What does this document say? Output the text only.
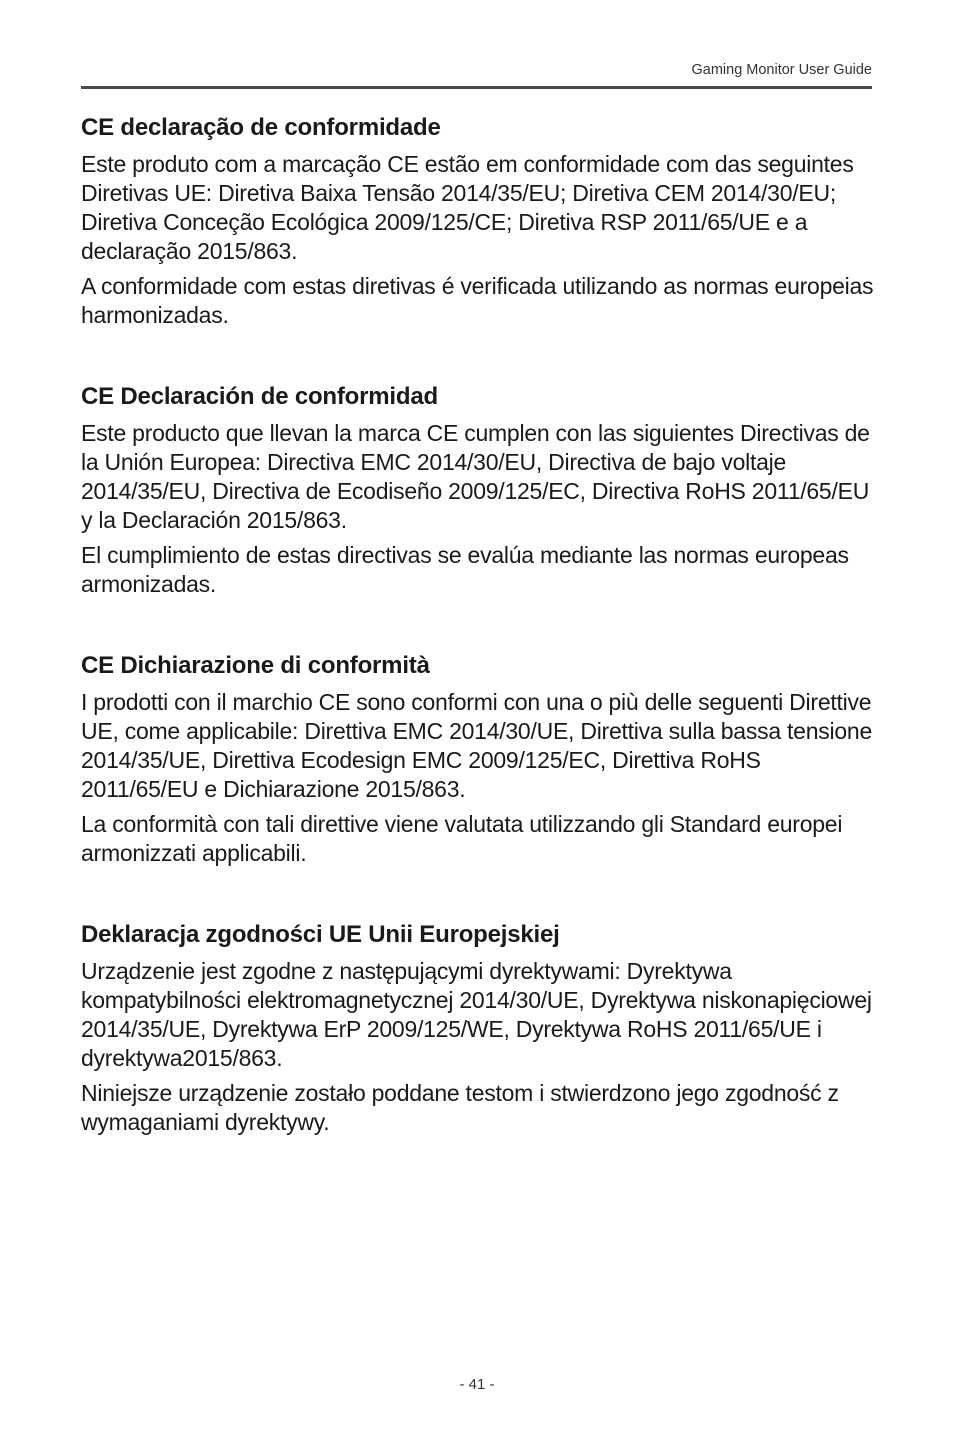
Gaming Monitor User Guide
CE declaração de conformidade

Este produto com a marcação CE estão em conformidade com das seguintes Diretivas UE: Diretiva Baixa Tensão 2014/35/EU; Diretiva CEM 2014/30/EU; Diretiva Conceção Ecológica 2009/125/CE; Diretiva RSP 2011/65/UE e a declaração 2015/863.

A conformidade com estas diretivas é verificada utilizando as normas europeias harmonizadas.

CE Declaración de conformidad

Este producto que llevan la marca CE cumplen con las siguientes Directivas de la Unión Europea: Directiva EMC 2014/30/EU, Directiva de bajo voltaje 2014/35/EU, Directiva de Ecodiseño 2009/125/EC, Directiva RoHS 2011/65/EU y la Declaración 2015/863.

El cumplimiento de estas directivas se evalúa mediante las normas europeas armonizadas.

CE Dichiarazione di conformità

I prodotti con il marchio CE sono conformi con una o più delle seguenti Direttive UE, come applicabile: Direttiva EMC 2014/30/UE, Direttiva sulla bassa tensione 2014/35/UE, Direttiva Ecodesign EMC 2009/125/EC, Direttiva RoHS 2011/65/EU e Dichiarazione 2015/863.

La conformità con tali direttive viene valutata utilizzando gli Standard europei armonizzati applicabili.

Deklaracja zgodności UE Unii Europejskiej

Urządzenie jest zgodne z następującymi dyrektywami: Dyrektywa kompatybilności elektromagnetycznej 2014/30/UE, Dyrektywa niskonapięciowej 2014/35/UE, Dyrektywa ErP 2009/125/WE, Dyrektywa RoHS 2011/65/UE i dyrektywa2015/863.

Niniejsze urządzenie zostało poddane testom i stwierdzono jego zgodność z wymaganiami dyrektywy.

- 41 -
